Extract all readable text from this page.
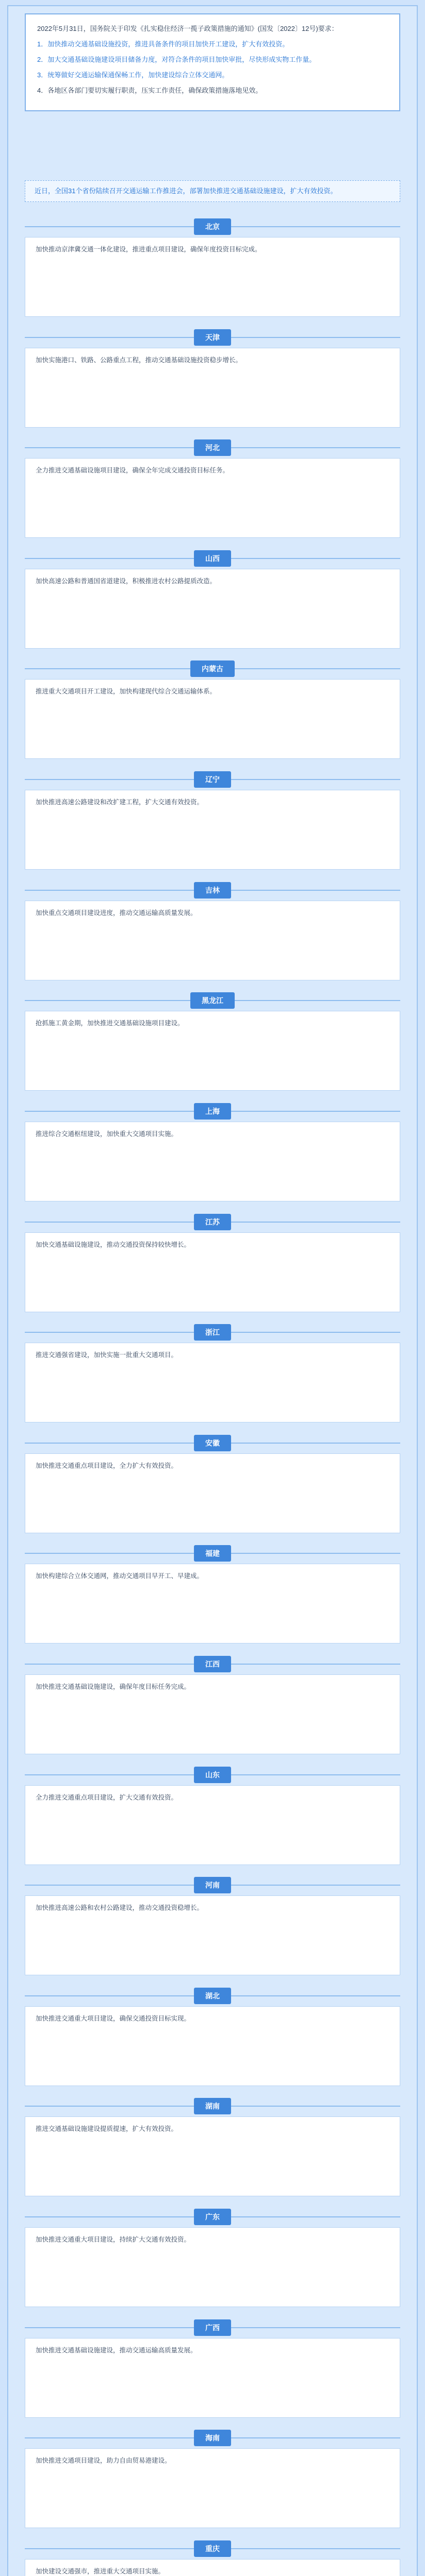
2022年5月31日，国务院关于印发《扎实稳住经济一揽子政策措施的通知》(国发〔2022〕12号)要求：

1．加快推动交通基础设施投资，推进具备条件的项目加快开工建设，扩大有效投资。

2．加大交通基础设施建设项目储备力度，对符合条件的项目加快审批，尽快形成实物工作量。

3．统筹做好交通运输保通保畅工作，加快建设综合立体交通网。

4．各地区各部门要切实履行职责，压实工作责任，确保政策措施落地见效。

近日，全国31个省份陆续召开交通运输工作推进会，部署加快推进交通基础设施建设，扩大有效投资。
北京

加快推动京津冀交通一体化建设，推进重点项目建设，确保年度投资目标完成。

天津

加快实施港口、铁路、公路重点工程，推动交通基础设施投资稳步增长。

河北

全力推进交通基础设施项目建设，确保全年完成交通投资目标任务。

山西

加快高速公路和普通国省道建设，积极推进农村公路提质改造。

内蒙古

推进重大交通项目开工建设，加快构建现代综合交通运输体系。

辽宁

加快推进高速公路建设和改扩建工程，扩大交通有效投资。

吉林

加快重点交通项目建设进度，推动交通运输高质量发展。

黑龙江

抢抓施工黄金期，加快推进交通基础设施项目建设。

上海

推进综合交通枢纽建设，加快重大交通项目实施。

江苏

加快交通基础设施建设，推动交通投资保持较快增长。

浙江

推进交通强省建设，加快实施一批重大交通项目。

安徽

加快推进交通重点项目建设，全力扩大有效投资。

福建

加快构建综合立体交通网，推动交通项目早开工、早建成。

江西

加快推进交通基础设施建设，确保年度目标任务完成。

山东

全力推进交通重点项目建设，扩大交通有效投资。

河南

加快推进高速公路和农村公路建设，推动交通投资稳增长。

湖北

加快推进交通重大项目建设，确保交通投资目标实现。

湖南

推进交通基础设施建设提质提速，扩大有效投资。

广东

加快推进交通重大项目建设，持续扩大交通有效投资。

广西

加快推进交通基础设施建设，推动交通运输高质量发展。

海南

加快推进交通项目建设，助力自由贸易港建设。

重庆

加快建设交通强市，推进重大交通项目实施。
